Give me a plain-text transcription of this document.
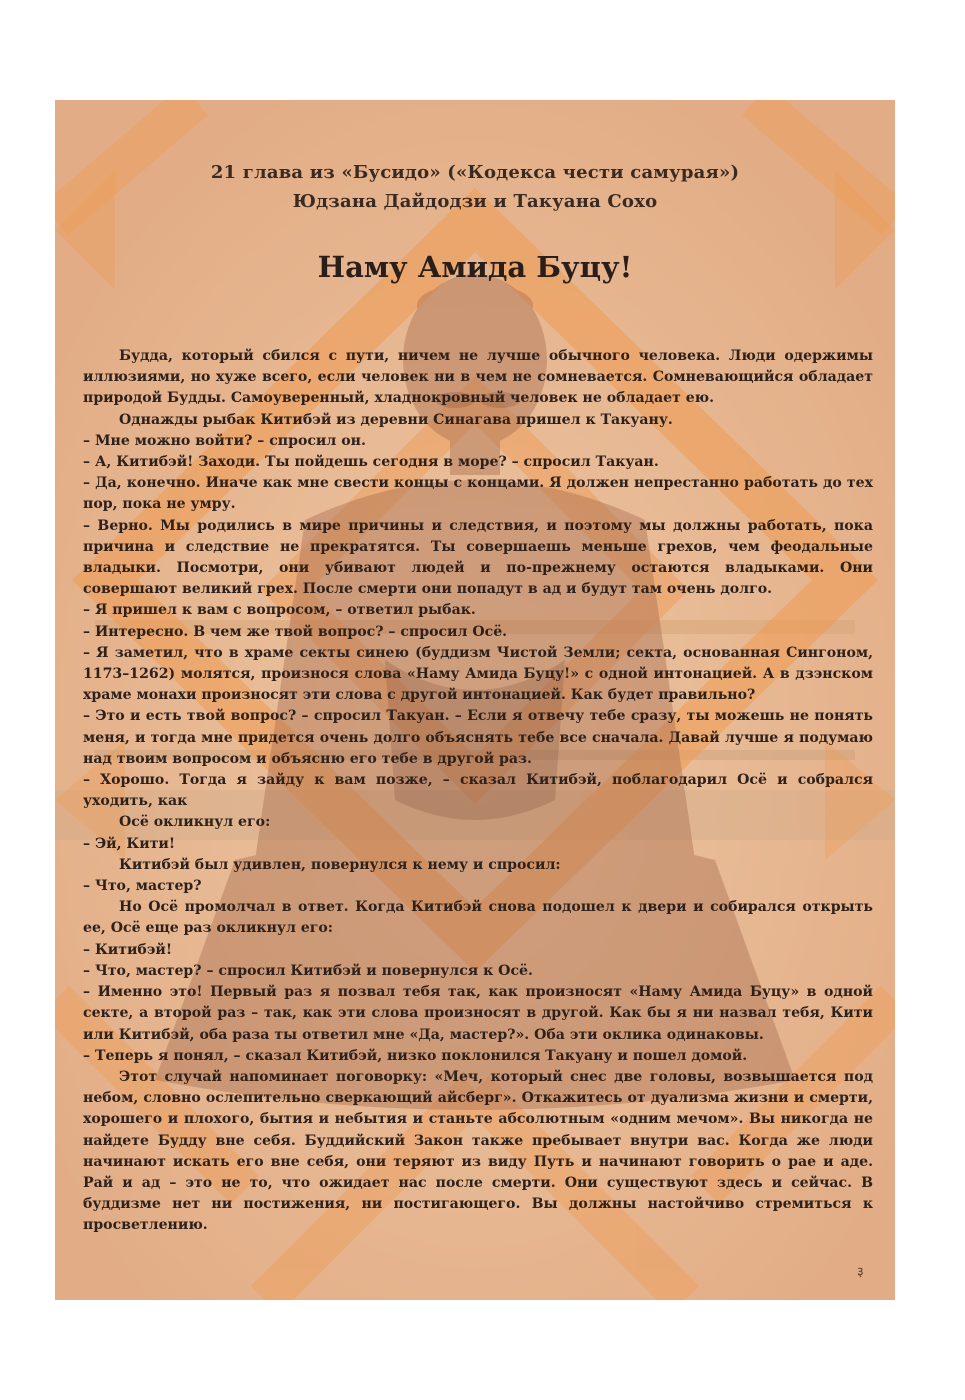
21 глава из «Бусидо» («Кодекса чести самурая»)
Юдзана Дайдодзи и Такуана Сохо
Наму Амида Буцу!

Будда, который сбился с пути, ничем не лучше обычного человека. Люди одержимы иллюзиями, но хуже всего, если человек ни в чем не сомневается. Сомневающийся обладает природой Будды. Самоуверенный, хладнокровный человек не обладает ею.

Однажды рыбак Китибэй из деревни Синагава пришел к Такуану.

– Мне можно войти? – спросил он.

– А, Китибэй! Заходи. Ты пойдешь сегодня в море? – спросил Такуан.

– Да, конечно. Иначе как мне свести концы с концами. Я должен непрестанно работать до тех пор, пока не умру.

– Верно. Мы родились в мире причины и следствия, и поэтому мы должны работать, пока причина и следствие не прекратятся. Ты совершаешь меньше грехов, чем феодальные владыки. Посмотри, они убивают людей и по-прежнему остаются владыками. Они совершают великий грех. После смерти они попадут в ад и будут там очень долго.

– Я пришел к вам с вопросом, – ответил рыбак.

– Интересно. В чем же твой вопрос? – спросил Осё.

– Я заметил, что в храме секты синею (буддизм Чистой Земли; секта, основанная Сингоном, 1173–1262) молятся, произнося слова «Наму Амида Буцу!» с одной интонацией. А в дзэнском храме монахи произносят эти слова с другой интонацией. Как будет правильно?

– Это и есть твой вопрос? – спросил Такуан. – Если я отвечу тебе сразу, ты можешь не понять меня, и тогда мне придется очень долго объяснять тебе все сначала. Давай лучше я подумаю над твоим вопросом и объясню его тебе в другой раз.

– Хорошо. Тогда я зайду к вам позже, – сказал Китибэй, поблагодарил Осё и собрался уходить, как

Осё окликнул его:

– Эй, Кити!

Китибэй был удивлен, повернулся к нему и спросил:

– Что, мастер?

Но Осё промолчал в ответ. Когда Китибэй снова подошел к двери и собирался открыть ее, Осё еще раз окликнул его:

– Китибэй!

– Что, мастер? – спросил Китибэй и повернулся к Осё.

– Именно это! Первый раз я позвал тебя так, как произносят «Наму Амида Буцу» в одной секте, а второй раз – так, как эти слова произносят в другой. Как бы я ни назвал тебя, Кити или Китибэй, оба раза ты ответил мне «Да, мастер?». Оба эти оклика одинаковы.

– Теперь я понял, – сказал Китибэй, низко поклонился Такуану и пошел домой.

Этот случай напоминает поговорку: «Меч, который снес две головы, возвышается под небом, словно ослепительно сверкающий айсберг». Откажитесь от дуализма жизни и смерти, хорошего и плохого, бытия и небытия и станьте абсолютным «одним мечом». Вы никогда не найдете Будду вне себя. Буддийский Закон также пребывает внутри вас. Когда же люди начинают искать его вне себя, они теряют из виду Путь и начинают говорить о рае и аде. Рай и ад – это не то, что ожидает нас после смерти. Они существуют здесь и сейчас. В буддизме нет ни постижения, ни постигающего. Вы должны настойчиво стремиться к просветлению.

३
